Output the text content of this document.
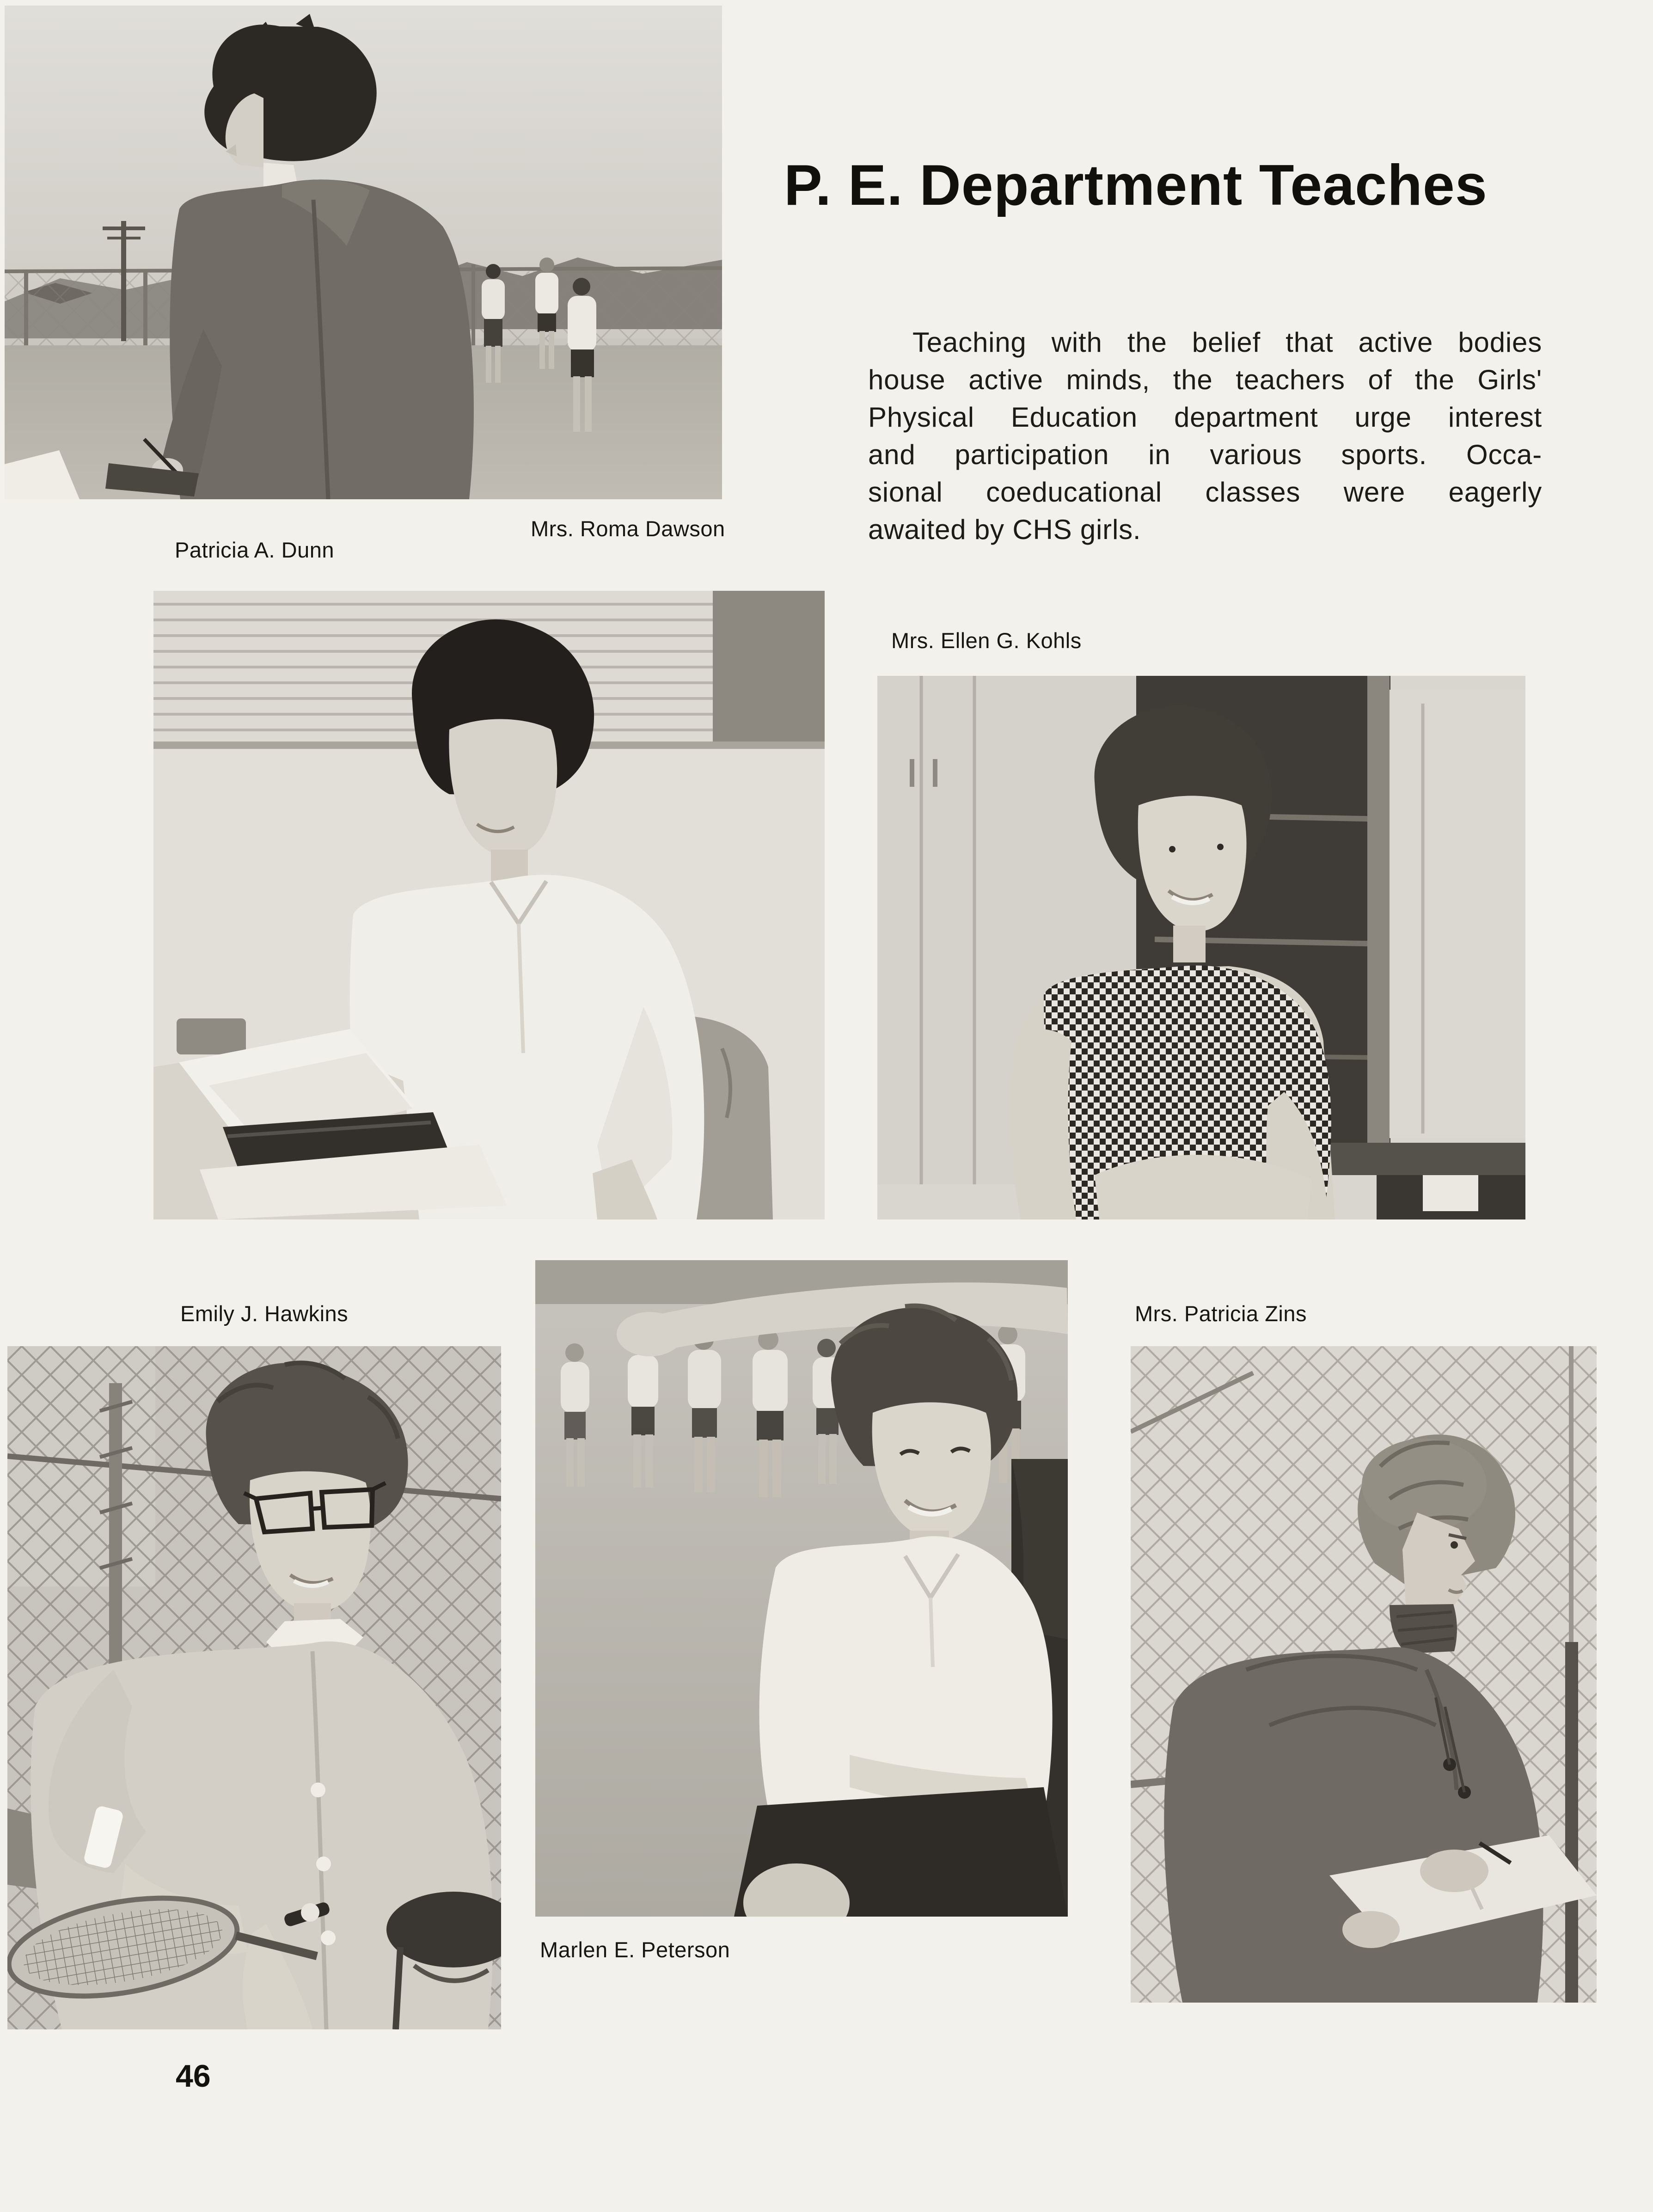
Mrs. Roma Dawson
Patricia A. Dunn
P. E. Department Teaches
Teaching with the belief that active bodies
house active minds, the teachers of the Girls'
Physical Education department urge interest
and participation in various sports. Occa-
sional coeducational classes were eagerly
awaited by CHS girls.
Mrs. Ellen G. Kohls
Emily J. Hawkins	Mrs. Patricia Zins
Marlen E. Peterson
46
